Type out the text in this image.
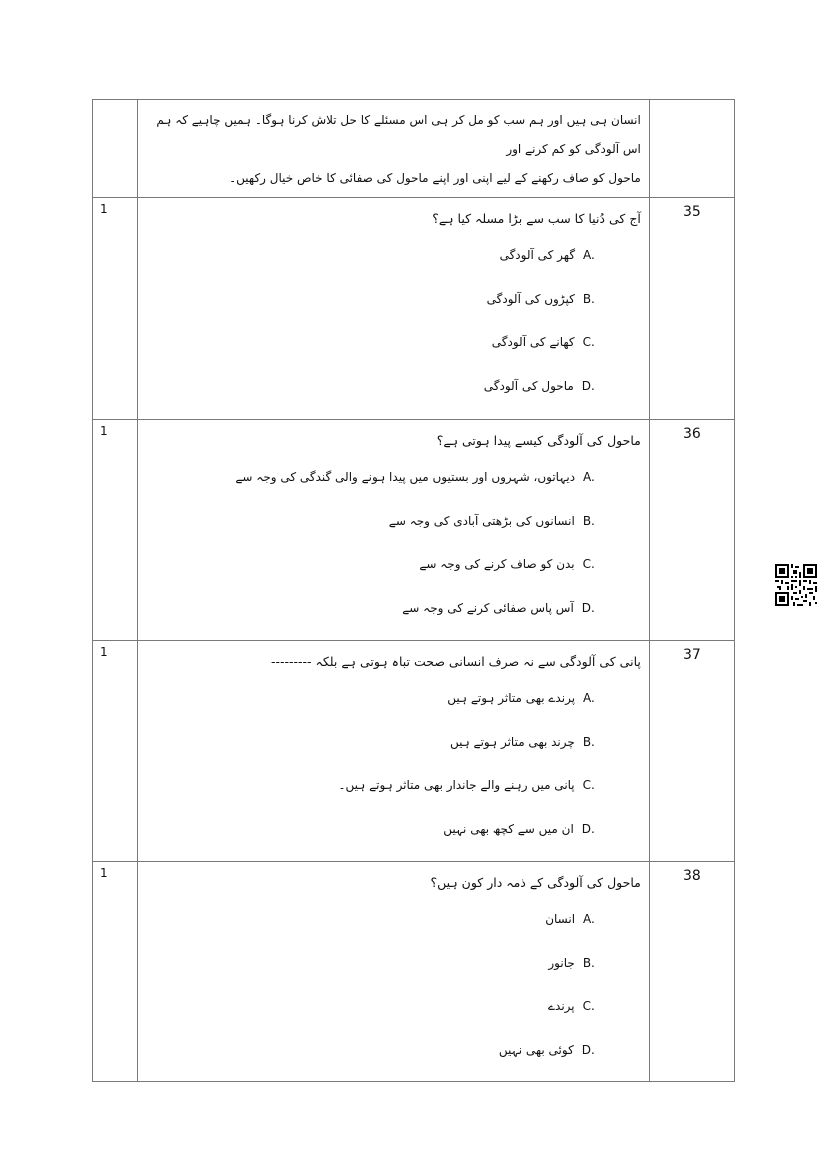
	انسان ہی ہیں اور ہم سب کو مل کر ہی اس مسئلے کا حل تلاش کرنا ہوگا۔ ہمیں چاہیے کہ ہم اس آلودگی کو کم کرنے اور
ماحول کو صاف رکھنے کے لیے اپنی اور اپنے ماحول کی صفائی کا خاص خیال رکھیں۔	

1	آج کی دُنیا کا سب سے بڑا مسلہ کیا ہے؟
A.گھر کی آلودگی
B.کپڑوں کی آلودگی
C.کھانے کی آلودگی
D.ماحول کی آلودگی	35

1	ماحول کی آلودگی کیسے پیدا ہوتی ہے؟
A.دیہاتوں، شہروں اور بستیوں میں پیدا ہونے والی گندگی کی وجہ سے
B.انسانوں کی بڑھتی آبادی کی وجہ سے
C.بدن کو صاف کرنے کی وجہ سے
D.آس پاس صفائی کرنے کی وجہ سے	36

1	پانی کی آلودگی سے نہ صرف انسانی صحت تباہ ہوتی ہے بلکہ ---------
A.پرندے بھی متاثر ہوتے ہیں
B.چرند بھی متاثر ہوتے ہیں
C.پانی میں رہنے والے جاندار بھی متاثر ہوتے ہیں۔
D.ان میں سے کچھ بھی نہیں	37

1	ماحول کی آلودگی کے ذمہ دار کون ہیں؟
A.انسان
B.جانور
C.پرندے
D.کوئی بھی نہیں	38
